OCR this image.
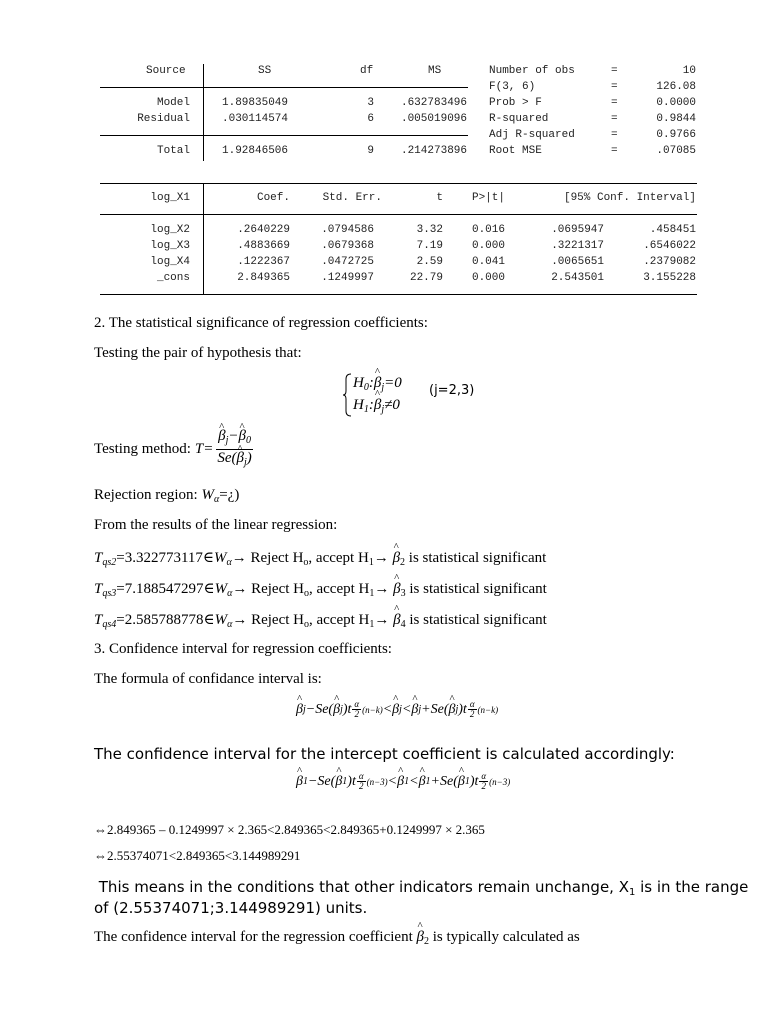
Source	SS	df	MS
Model	1.89835049	3	.632783496
Residual	.030114574	6	.005019096
Total	1.92846506	9	.214273896
Number of obs	=	10
F(3, 6)	=	126.08
Prob > F	=	0.0000
R-squared	=	0.9844
Adj R-squared	=	0.9766
Root MSE	=	.07085
log_X1	Coef.	Std. Err.	t	P>|t|	[95% Conf. Interval]
log_X2	.2640229	.0794586	3.32	0.016	.0695947	.458451
log_X3	.4883669	.0679368	7.19	0.000	.3221317	.6546022
log_X4	.1222367	.0472725	2.59	0.041	.0065651	.2379082
_cons	2.849365	.1249997	22.79	0.000	2.543501	3.155228
2. The statistical significance of regression coefficients:
Testing the pair of hypothesis that:
$H_0:\^{}$ $\beta_j=0$
$H_1:\^{}$ $\beta_j\ne 0$
(j=2,3)
Testing method: T= ^ $\frac{\beta_j-\^{} \beta_0}{Se(\^{} \beta_j)}$
Rejection region: $W_\alpha=¿$)
From the results of the linear regression:
$T_{qs2}=3.322773117\in W_\alpha\to$ Reject $H_o$, accept $H_1\to$ ^ $\beta_2$ is statistical significant
$T_{qs3}=7.188547297\in W_\alpha\to$ Reject $H_o$, accept $H_1\to$ ^ $\beta_3$ is statistical significant
$T_{qs4}=2.585788778\in W_\alpha\to$ Reject $H_o$, accept $H_1\to$ ^ $\beta_4$ is statistical significant
3. Confidence interval for regression coefficients:
The formula of confidance interval is:
^ β j −Se( ^ β j )$t \frac{\alpha}{2} (n-k)$ < ^ β j < ^ β j +Se( ^ β j )$t \frac{\alpha}{2} (n-k)$
The confidence interval for the intercept coefficient is calculated accordingly:
^ β 1 −Se( ^ β 1 )$t \frac{\alpha}{2} (n-3)$ < ^ β 1 < ^ β 1 +Se( ^ β 1 )$t \frac{\alpha}{2} (n-3)$
⇔2.849365 – 0.1249997 × 2.365<2.849365<2.849365+0.1249997 × 2.365
⇔2.55374071<2.849365<3.144989291
This means in the conditions that other indicators remain unchange, $X_1$ is in the range
of (2.55374071;3.144989291) units.
The confidence interval for the regression coefficient ^ $\beta_2$ is typically calculated as
